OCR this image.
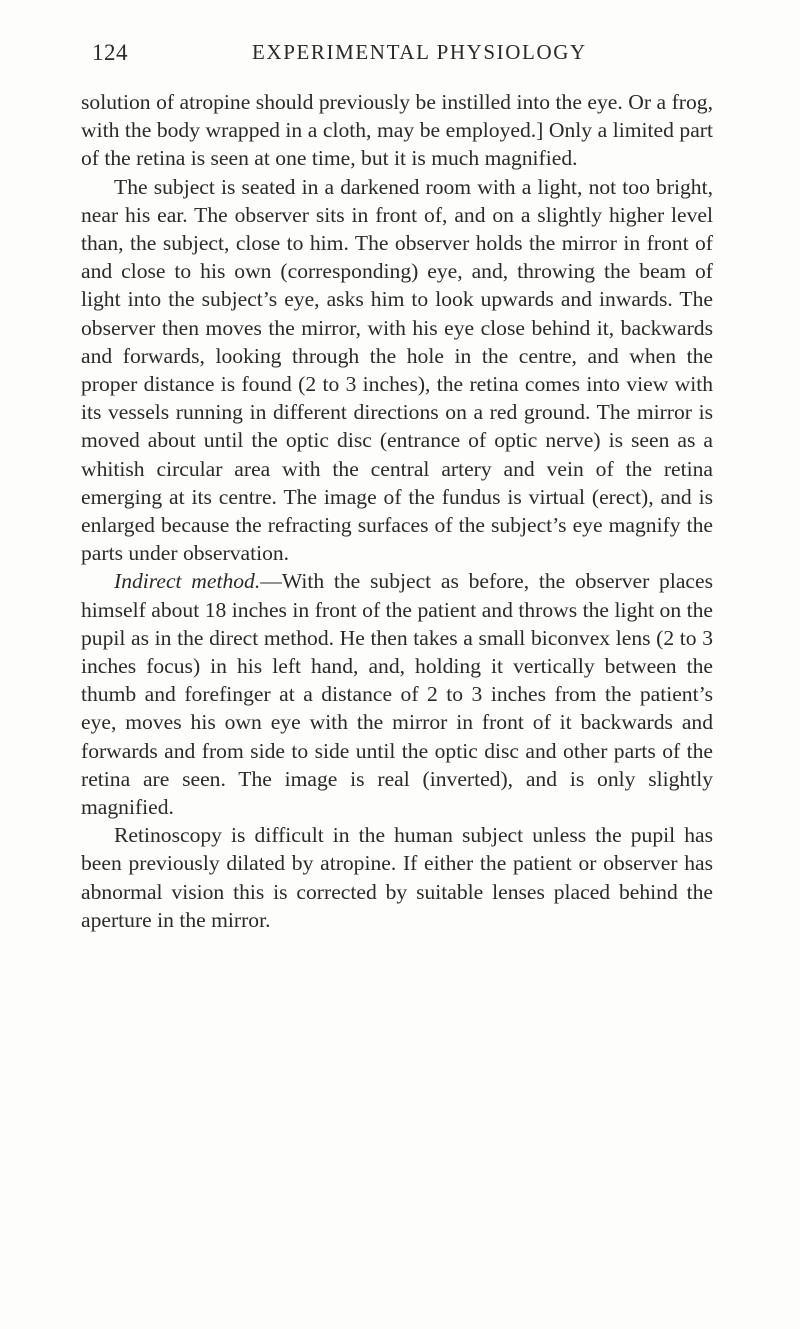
124	EXPERIMENTAL PHYSIOLOGY

solution of atropine should previously be instilled into the eye. Or a frog, with the body wrapped in a cloth, may be employed.] Only a limited part of the retina is seen at one time, but it is much magnified.

The subject is seated in a darkened room with a light, not too bright, near his ear. The observer sits in front of, and on a slightly higher level than, the subject, close to him. The observer holds the mirror in front of and close to his own (corresponding) eye, and, throwing the beam of light into the subject’s eye, asks him to look upwards and inwards. The observer then moves the mirror, with his eye close behind it, backwards and forwards, looking through the hole in the centre, and when the proper distance is found (2 to 3 inches), the retina comes into view with its vessels running in different directions on a red ground. The mirror is moved about until the optic disc (entrance of optic nerve) is seen as a whitish circular area with the central artery and vein of the retina emerging at its centre. The image of the fundus is virtual (erect), and is enlarged because the refracting surfaces of the subject’s eye magnify the parts under observation.

Indirect method.—With the subject as before, the observer places himself about 18 inches in front of the patient and throws the light on the pupil as in the direct method. He then takes a small biconvex lens (2 to 3 inches focus) in his left hand, and, holding it vertically between the thumb and forefinger at a distance of 2 to 3 inches from the patient’s eye, moves his own eye with the mirror in front of it backwards and forwards and from side to side until the optic disc and other parts of the retina are seen. The image is real (inverted), and is only slightly magnified.

Retinoscopy is difficult in the human subject unless the pupil has been previously dilated by atropine. If either the patient or observer has abnormal vision this is corrected by suitable lenses placed behind the aperture in the mirror.
